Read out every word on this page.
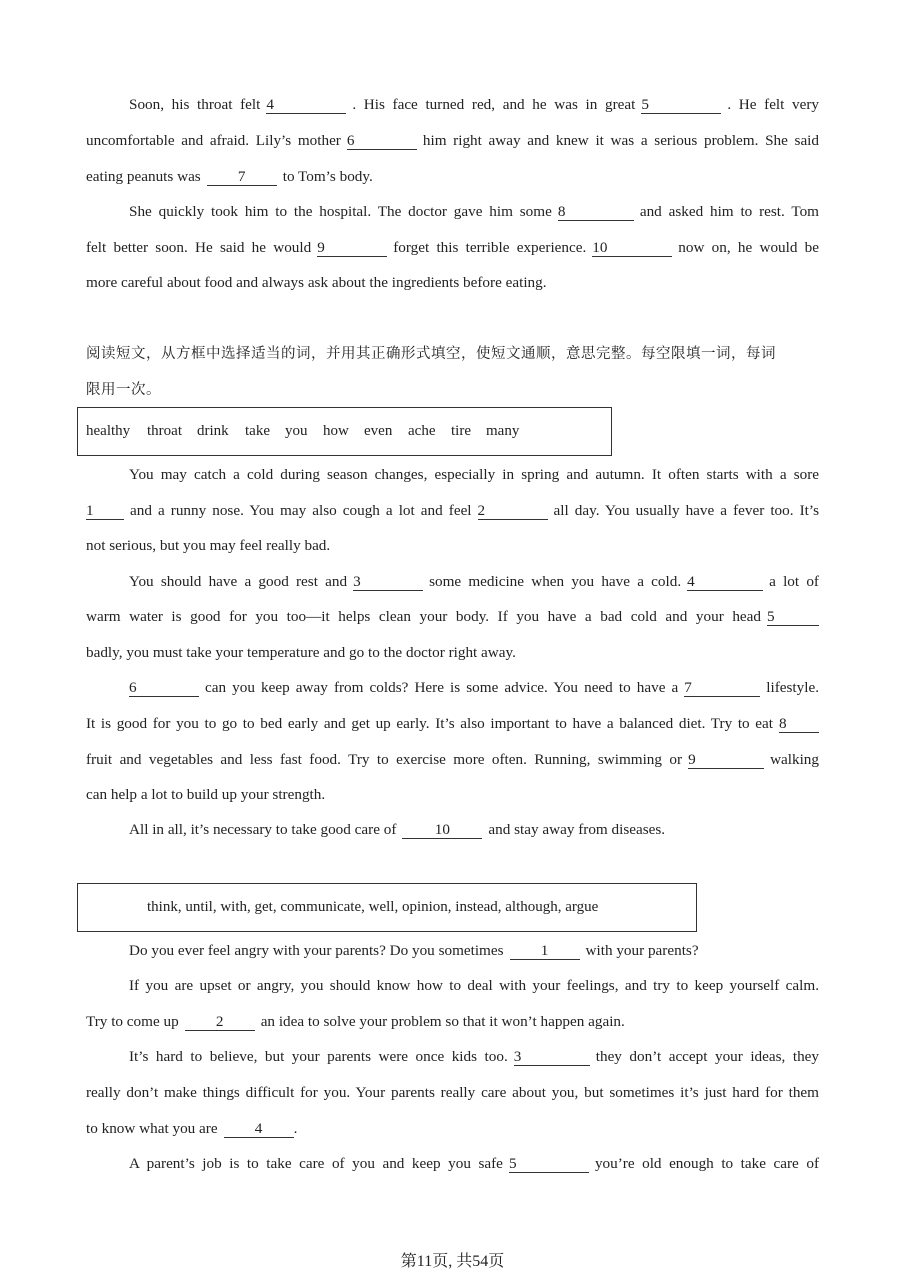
Soon, his throat felt 4	. His face turned red, and he was in great 5	. He felt very
uncomfortable and afraid. Lily’s mother 6	him right away and knew it was a serious problem. She said
eating peanuts was 7 to Tom’s body.
She quickly took him to the hospital. The doctor gave him some 8	and asked him to rest. Tom
felt better soon. He said he would 9	forget this terrible experience. 10	now on, he would be
more careful about food and always ask about the ingredients before eating.
阅读短文，从方框中选择适当的词，并用其正确形式填空，使短文通顺，意思完整。每空限填一词，每词
限用一次。
healthy throat drink take you how even ache tire many
You may catch a cold during season changes, especially in spring and autumn. It often starts with a sore
1 and a runny nose. You may also cough a lot and feel 2	all day. You usually have a fever too. It’s
not serious, but you may feel really bad.
You should have a good rest and 3	some medicine when you have a cold. 4	a lot of
warm water is good for you too—it helps clean your body. If you have a bad cold and your head 5
badly, you must take your temperature and go to the doctor right away.
6	can you keep away from colds? Here is some advice. You need to have a 7	lifestyle.
It is good for you to go to bed early and get up early. It’s also important to have a balanced diet. Try to eat 8
fruit and vegetables and less fast food. Try to exercise more often. Running, swimming or 9	walking
can help a lot to build up your strength.
All in all, it’s necessary to take good care of	10	and stay away from diseases.
think, until, with, get, communicate, well, opinion, instead, although, argue
Do you ever feel angry with your parents? Do you sometimes 1 with your parents?
If you are upset or angry, you should know how to deal with your feelings, and try to keep yourself calm.
Try to come up 2 an idea to solve your problem so that it won’t happen again.
It’s hard to believe, but your parents were once kids too. 3	they don’t accept your ideas, they
really don’t make things difficult for you. Your parents really care about you, but sometimes it’s just hard for them
to know what you are 4 .
A parent’s job is to take care of you and keep you safe 5	you’re old enough to take care of
第11页, 共54页
